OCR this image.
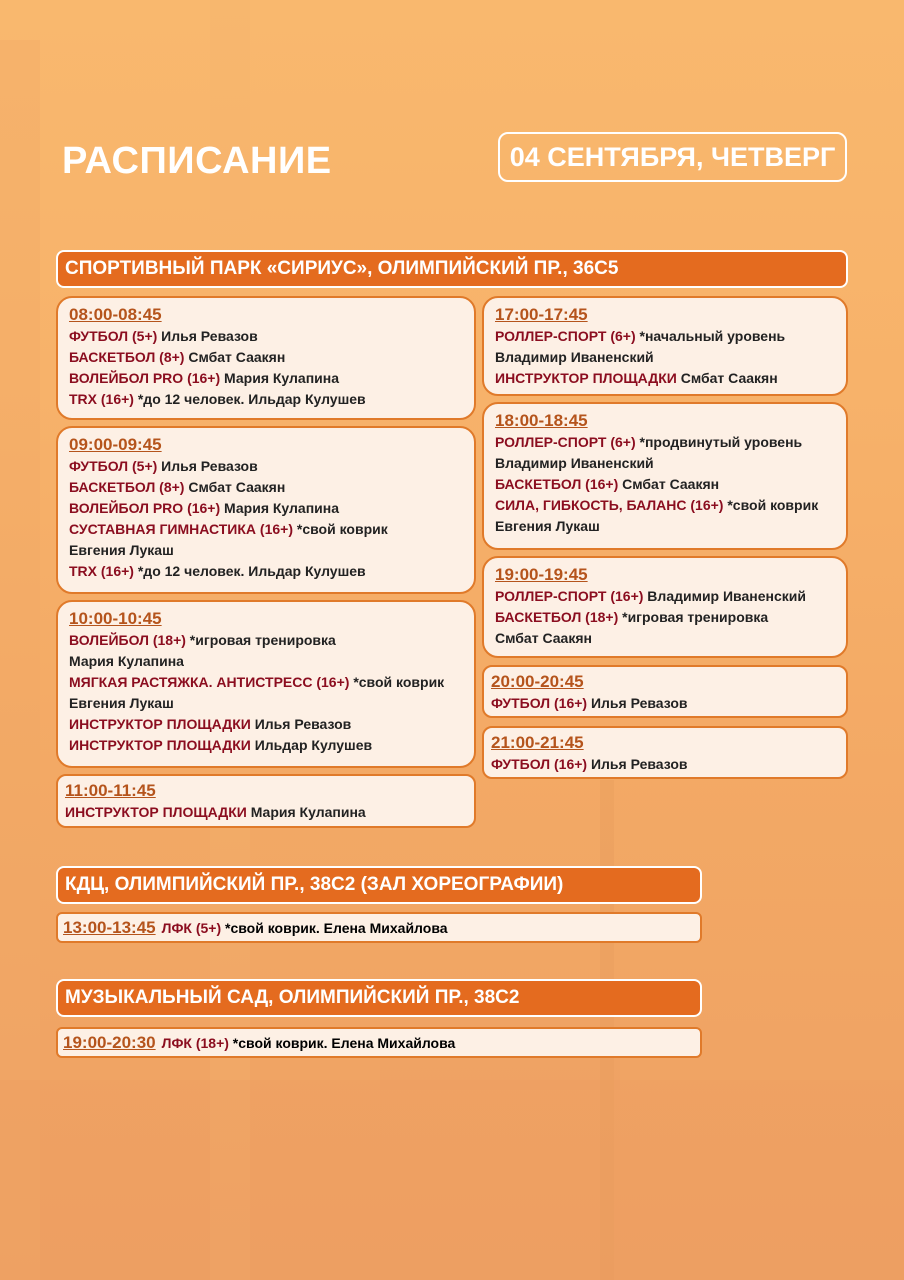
РАСПИСАНИЕ	04 СЕНТЯБРЯ, ЧЕТВЕРГ
СПОРТИВНЫЙ ПАРК «СИРИУС», ОЛИМПИЙСКИЙ ПР., 36С5
08:00-08:45
ФУТБОЛ (5+) Илья Ревазов
БАСКЕТБОЛ (8+) Смбат Саакян
ВОЛЕЙБОЛ PRO (16+) Мария Кулапина
TRX (16+) *до 12 человек. Ильдар Кулушев
09:00-09:45
ФУТБОЛ (5+) Илья Ревазов
БАСКЕТБОЛ (8+) Смбат Саакян
ВОЛЕЙБОЛ PRO (16+) Мария Кулапина
СУСТАВНАЯ ГИМНАСТИКА (16+) *свой коврик
Евгения Лукаш
TRX (16+) *до 12 человек. Ильдар Кулушев
10:00-10:45
ВОЛЕЙБОЛ (18+) *игровая тренировка
Мария Кулапина
МЯГКАЯ РАСТЯЖКА. АНТИСТРЕСС (16+) *свой коврик
Евгения Лукаш
ИНСТРУКТОР ПЛОЩАДКИ Илья Ревазов
ИНСТРУКТОР ПЛОЩАДКИ Ильдар Кулушев
11:00-11:45
ИНСТРУКТОР ПЛОЩАДКИ Мария Кулапина
17:00-17:45
РОЛЛЕР-СПОРТ (6+) *начальный уровень
Владимир Иваненский
ИНСТРУКТОР ПЛОЩАДКИ Смбат Саакян
18:00-18:45
РОЛЛЕР-СПОРТ (6+) *продвинутый уровень
Владимир Иваненский
БАСКЕТБОЛ (16+) Смбат Саакян
СИЛА, ГИБКОСТЬ, БАЛАНС (16+) *свой коврик
Евгения Лукаш
19:00-19:45
РОЛЛЕР-СПОРТ (16+) Владимир Иваненский
БАСКЕТБОЛ (18+) *игровая тренировка
Смбат Саакян
20:00-20:45
ФУТБОЛ (16+) Илья Ревазов
21:00-21:45
ФУТБОЛ (16+) Илья Ревазов
КДЦ, ОЛИМПИЙСКИЙ ПР., 38С2 (ЗАЛ ХОРЕОГРАФИИ)
13:00-13:45 ЛФК (5+) *свой коврик. Елена Михайлова
МУЗЫКАЛЬНЫЙ САД, ОЛИМПИЙСКИЙ ПР., 38С2
19:00-20:30 ЛФК (18+) *свой коврик. Елена Михайлова
